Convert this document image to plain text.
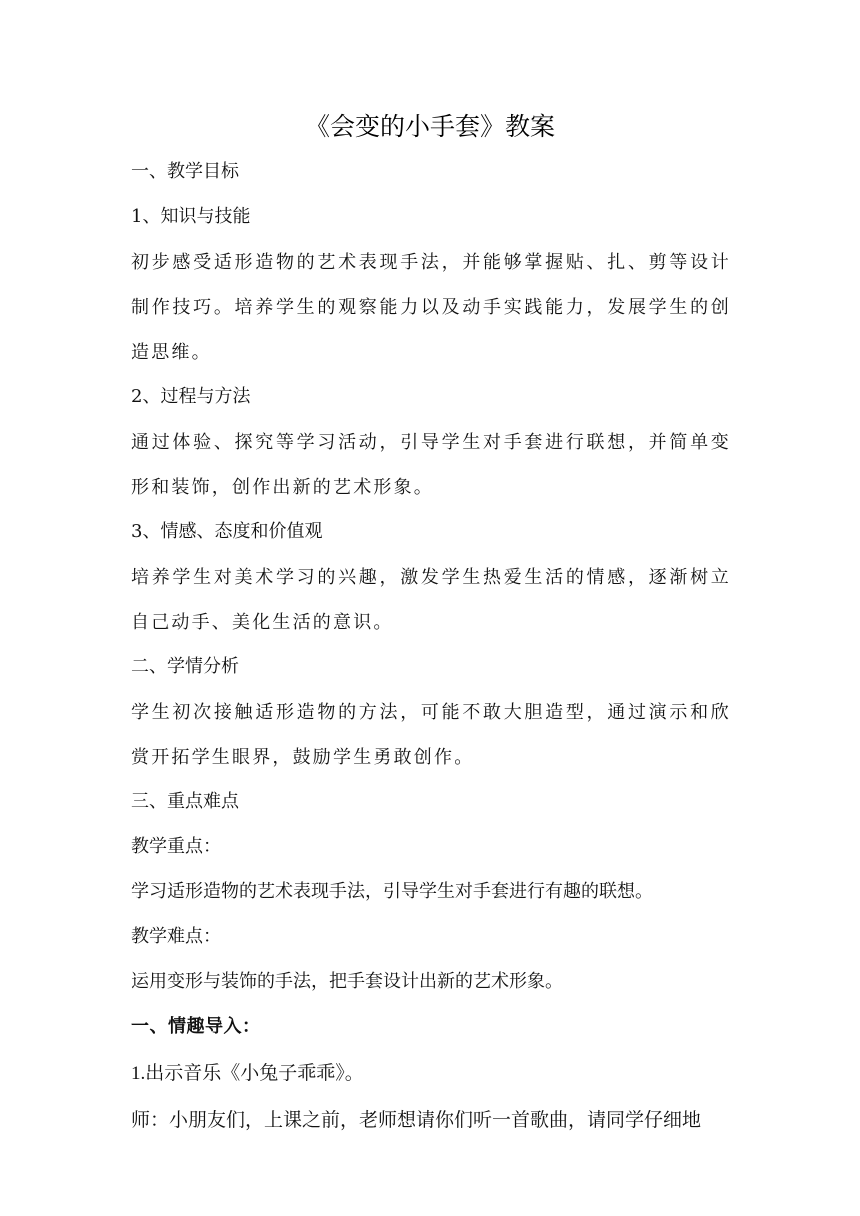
《会变的小手套》教案
一、教学目标
1、知识与技能
初步感受适形造物的艺术表现手法，并能够掌握贴、扎、剪等设计制作技巧。培养学生的观察能力以及动手实践能力，发展学生的创造思维。
2、过程与方法
通过体验、探究等学习活动，引导学生对手套进行联想，并简单变形和装饰，创作出新的艺术形象。
3、情感、态度和价值观
培养学生对美术学习的兴趣，激发学生热爱生活的情感，逐渐树立自己动手、美化生活的意识。
二、学情分析
学生初次接触适形造物的方法，可能不敢大胆造型，通过演示和欣赏开拓学生眼界，鼓励学生勇敢创作。
三、重点难点
教学重点：
学习适形造物的艺术表现手法，引导学生对手套进行有趣的联想。
教学难点：
运用变形与装饰的手法，把手套设计出新的艺术形象。
一、情趣导入：
1.出示音乐《小兔子乖乖》。
师：小朋友们，上课之前，老师想请你们听一首歌曲，请同学仔细地
